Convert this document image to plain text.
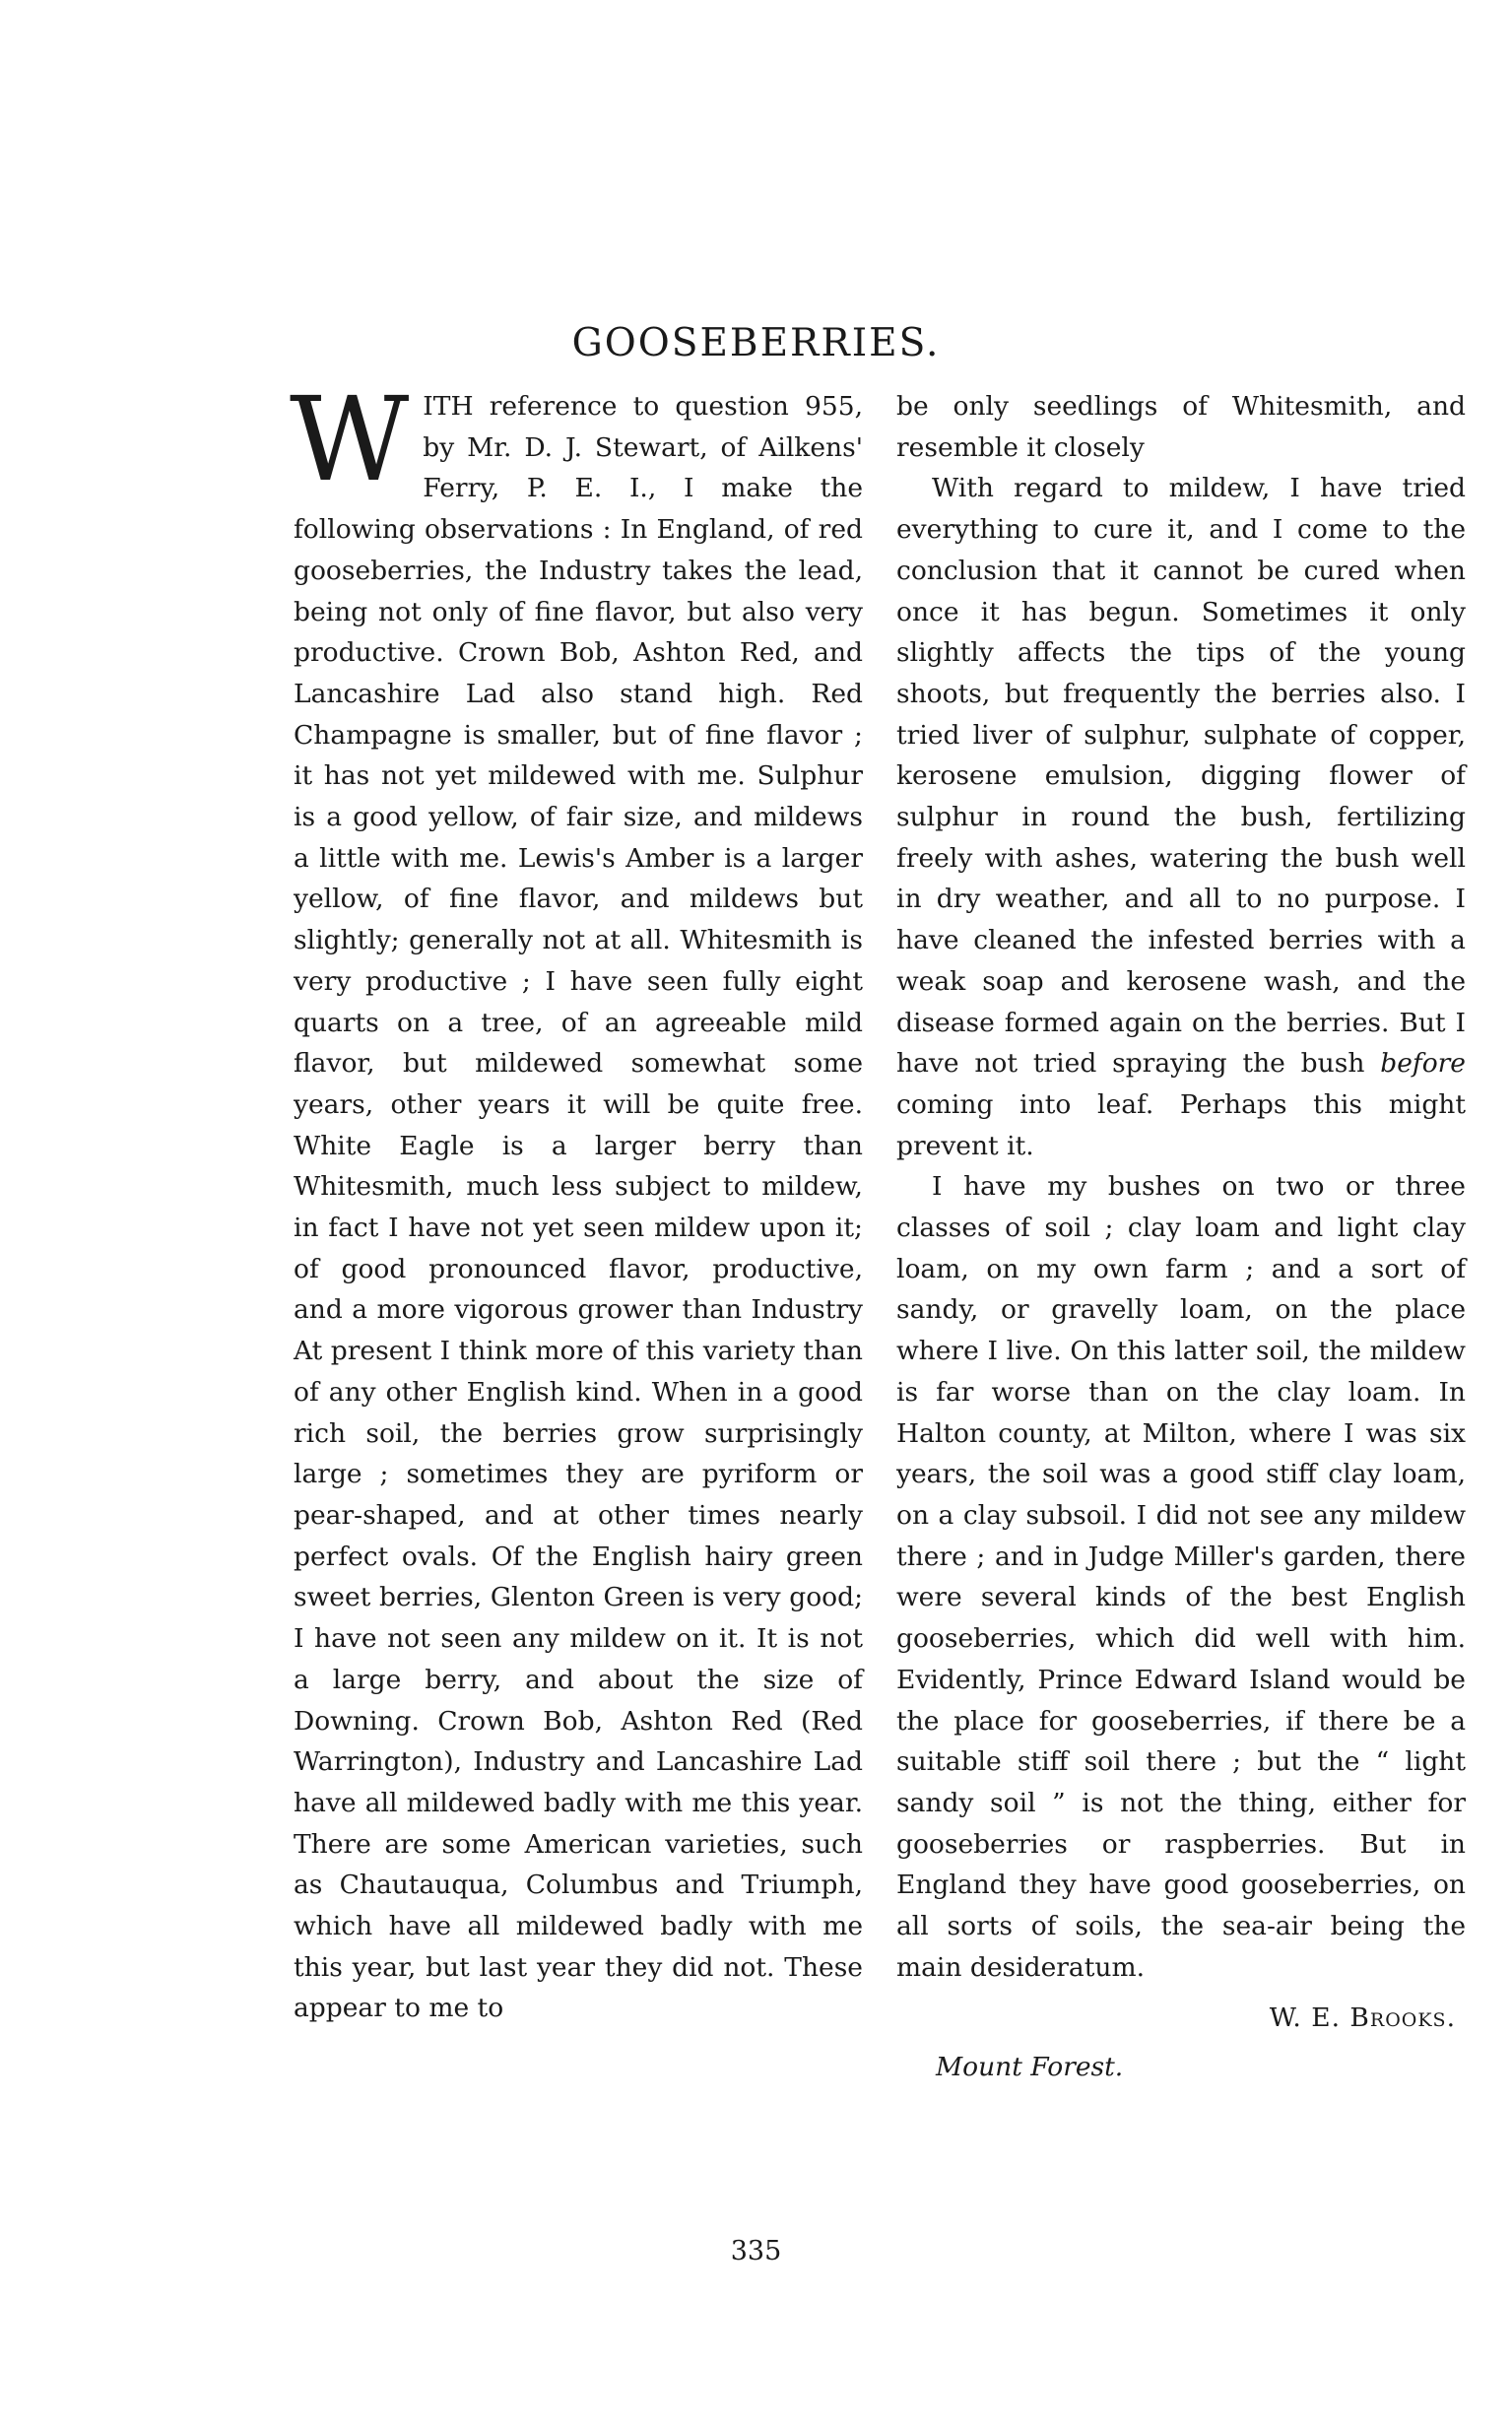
GOOSEBERRIES.

WITH reference to question 955, by Mr. D. J. Stewart, of Ailkens' Ferry, P. E. I., I make the following observations : In England, of red gooseberries, the Industry takes the lead, being not only of fine flavor, but also very productive. Crown Bob, Ashton Red, and Lancashire Lad also stand high. Red Champagne is smaller, but of fine flavor ; it has not yet mildewed with me. Sulphur is a good yellow, of fair size, and mildews a little with me. Lewis's Amber is a larger yellow, of fine flavor, and mildews but slightly; generally not at all. Whitesmith is very productive ; I have seen fully eight quarts on a tree, of an agreeable mild flavor, but mildewed somewhat some years, other years it will be quite free. White Eagle is a larger berry than Whitesmith, much less subject to mildew, in fact I have not yet seen mildew upon it; of good pronounced flavor, productive, and a more vigorous grower than Industry At present I think more of this variety than of any other English kind. When in a good rich soil, the berries grow surprisingly large ; sometimes they are pyriform or pear-shaped, and at other times nearly perfect ovals. Of the English hairy green sweet berries, Glenton Green is very good; I have not seen any mildew on it. It is not a large berry, and about the size of Downing. Crown Bob, Ashton Red (Red Warrington), Industry and Lancashire Lad have all mildewed badly with me this year. There are some American varieties, such as Chautauqua, Columbus and Triumph, which have all mildewed badly with me this year, but last year they did not. These appear to me to

be only seedlings of Whitesmith, and resemble it closely

With regard to mildew, I have tried everything to cure it, and I come to the conclusion that it cannot be cured when once it has begun. Sometimes it only slightly affects the tips of the young shoots, but frequently the berries also. I tried liver of sulphur, sulphate of copper, kerosene emulsion, digging flower of sulphur in round the bush, fertilizing freely with ashes, watering the bush well in dry weather, and all to no purpose. I have cleaned the infested berries with a weak soap and kerosene wash, and the disease formed again on the berries. But I have not tried spraying the bush before coming into leaf. Perhaps this might prevent it.

I have my bushes on two or three classes of soil ; clay loam and light clay loam, on my own farm ; and a sort of sandy, or gravelly loam, on the place where I live. On this latter soil, the mildew is far worse than on the clay loam. In Halton county, at Milton, where I was six years, the soil was a good stiff clay loam, on a clay subsoil. I did not see any mildew there ; and in Judge Miller's garden, there were several kinds of the best English gooseberries, which did well with him. Evidently, Prince Edward Island would be the place for gooseberries, if there be a suitable stiff soil there ; but the “ light sandy soil ” is not the thing, either for gooseberries or raspberries. But in England they have good gooseberries, on all sorts of soils, the sea-air being the main desideratum.

W. E. Brooks.
Mount Forest.
335
